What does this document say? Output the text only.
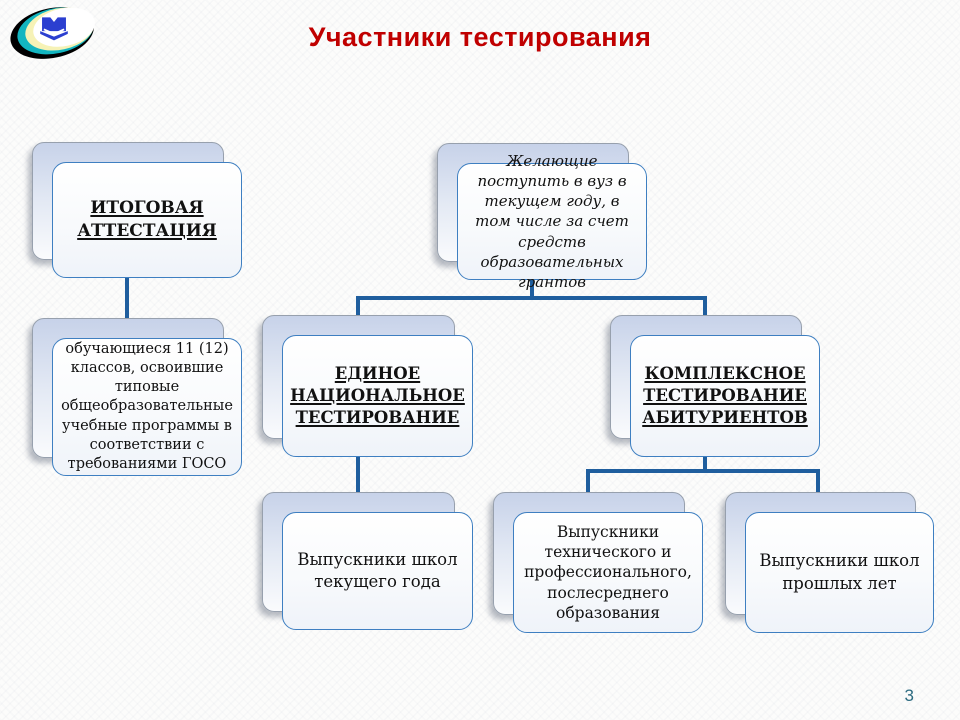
Участники тестирования
ИТОГОВАЯ АТТЕСТАЦИЯ
обучающиеся 11 (12) классов, освоившие типовые общеобразовательные учебные программы в соответствии с требованиями ГОСО
Желающие поступить в вуз в текущем году, в том числе за счет средств образовательных грантов
ЕДИНОЕ НАЦИОНАЛЬНОЕ ТЕСТИРОВАНИЕ
КОМПЛЕКСНОЕ ТЕСТИРОВАНИЕ АБИТУРИЕНТОВ
Выпускники школ текущего года
Выпускники технического и профессионального, послесреднего образования
Выпускники школ прошлых лет
3
